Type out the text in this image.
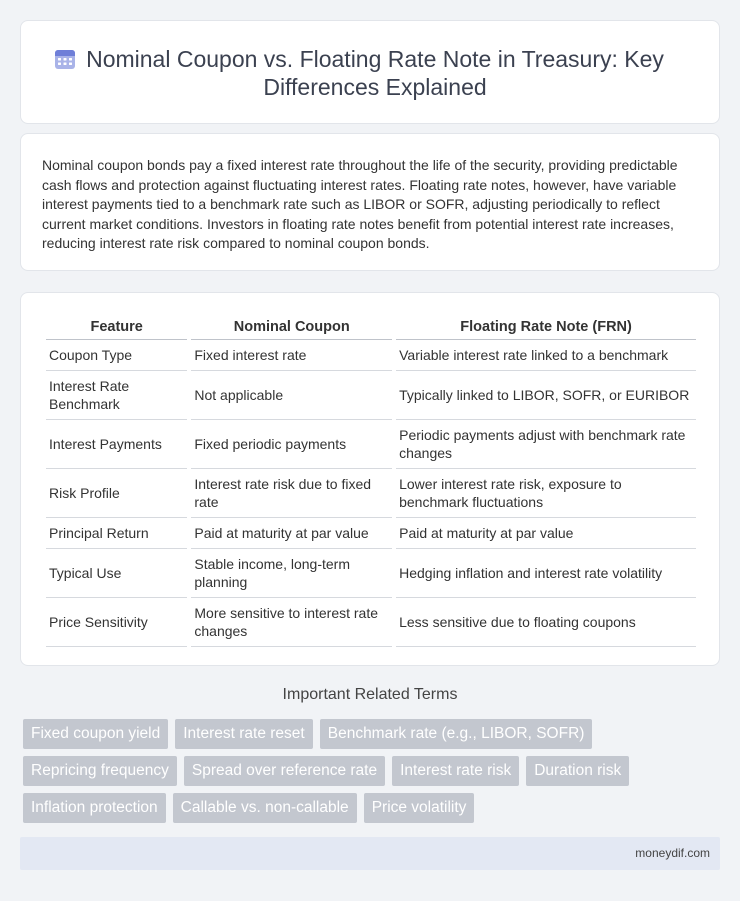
Nominal Coupon vs. Floating Rate Note in Treasury: Key Differences Explained

Nominal coupon bonds pay a fixed interest rate throughout the life of the security, providing predictable cash flows and protection against fluctuating interest rates. Floating rate notes, however, have variable interest payments tied to a benchmark rate such as LIBOR or SOFR, adjusting periodically to reflect current market conditions. Investors in floating rate notes benefit from potential interest rate increases, reducing interest rate risk compared to nominal coupon bonds.

Feature	Nominal Coupon	Floating Rate Note (FRN)
Coupon Type	Fixed interest rate	Variable interest rate linked to a benchmark
Interest Rate Benchmark	Not applicable	Typically linked to LIBOR, SOFR, or EURIBOR
Interest Payments	Fixed periodic payments	Periodic payments adjust with benchmark rate changes
Risk Profile	Interest rate risk due to fixed rate	Lower interest rate risk, exposure to benchmark fluctuations
Principal Return	Paid at maturity at par value	Paid at maturity at par value
Typical Use	Stable income, long-term planning	Hedging inflation and interest rate volatility
Price Sensitivity	More sensitive to interest rate changes	Less sensitive due to floating coupons
Important Related Terms
Fixed coupon yield	Interest rate reset	Benchmark rate (e.g., LIBOR, SOFR)
Repricing frequency	Spread over reference rate	Interest rate risk	Duration risk
Inflation protection	Callable vs. non-callable	Price volatility
moneydif.com
